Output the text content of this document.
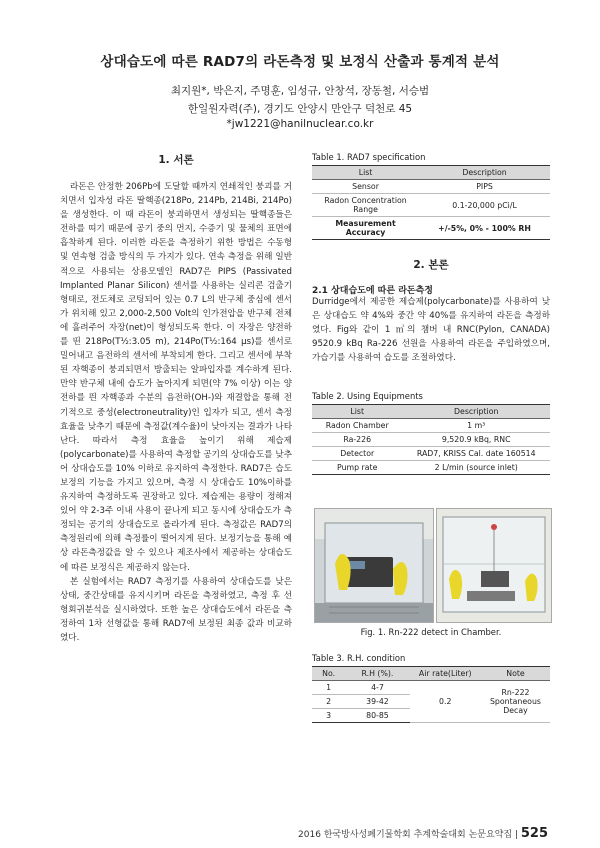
상대습도에 따른 RAD7의 라돈측정 및 보정식 산출과 통계적 분석
최지원*, 박은지, 주명훈, 임성규, 안창석, 장동철, 서승범
한일원자력(주), 경기도 안양시 만안구 덕천로 45
*jw1221@hanilnuclear.co.kr
1. 서론

라돈은 안정한 206Pb에 도달할 때까지 연쇄적인 붕괴를 거치면서 입자성 라돈 딸핵종(218Po, 214Pb, 214Bi, 214Po)을 생성한다. 이 때 라돈이 붕괴하면서 생성되는 딸핵종들은 전하를 띠기 때문에 공기 중의 먼지, 수증기 및 물체의 표면에 흡착하게 된다. 이러한 라돈을 측정하기 위한 방법은 수동형 및 연속형 검출 방식의 두 가지가 있다. 연속 측정을 위해 일반적으로 사용되는 상용모델인 RAD7은 PIPS (Passivated Implanted Planar Silicon) 센서를 사용하는 실리콘 검출기 형태로, 전도체로 코팅되어 있는 0.7 L의 반구체 중심에 센서가 위치해 있고 2,000-2,500 Volt의 인가전압을 반구체 전체에 흘려주어 자장(net)이 형성되도록 한다. 이 자장은 양전하를 띤 218Po(T½:3.05 m), 214Po(T½:164 μs)를 센서로 밀어내고 음전하의 센서에 부착되게 한다. 그리고 센서에 부착된 자핵종이 붕괴되면서 방출되는 알파입자를 계수하게 된다. 만약 반구체 내에 습도가 높아지게 되면(약 7% 이상) 이는 양전하를 띈 자핵종과 수분의 음전하(OH-)와 재결합을 통해 전기적으로 중성(electroneutrality)인 입자가 되고, 센서 측정효율을 낮추기 때문에 측정값(계수율)이 낮아지는 결과가 나타난다. 따라서 측정 효율을 높이기 위해 제습제(polycarbonate)를 사용하여 측정할 공기의 상대습도를 낮추어 상대습도를 10% 이하로 유지하여 측정한다. RAD7은 습도보정의 기능을 가지고 있으며, 측정 시 상대습도 10%이하를 유지하여 측정하도록 권장하고 있다. 제습제는 용량이 정해져있어 약 2-3주 이내 사용이 끝나게 되고 동시에 상대습도가 측정되는 공기의 상대습도로 올라가게 된다. 측정값은 RAD7의 측정원리에 의해 측정률이 떨어지게 된다. 보정기능을 통해 예상 라돈측정값을 알 수 있으나 제조사에서 제공하는 상대습도에 따른 보정식은 제공하지 않는다.

본 실험에서는 RAD7 측정기를 사용하여 상대습도를 낮은상태, 중간상태를 유지시키며 라돈을 측정하였고, 측정 후 선형회귀분석을 실시하였다. 또한 높은 상대습도에서 라돈을 측정하여 1차 선형값을 통해 RAD7에 보정된 최종 값과 비교하였다.

Table 1. RAD7 specification
List	Description
Sensor	PIPS
Radon Concentration Range	0.1-20,000 pCi/L
Measurement Accuracy	+/-5%, 0% - 100% RH
2. 본론
2.1 상대습도에 따른 라돈측정
Durridge에서 제공한 제습제(polycarbonate)를 사용하여 낮은 상대습도 약 4%와 중간 약 40%를 유지하여 라돈을 측정하였다. Fig와 같이 1 ㎥의 챔버 내 RNC(Pylon, CANADA) 9520.9 kBq Ra-226 선원을 사용하여 라돈을 주입하였으며, 가습기를 사용하여 습도를 조절하였다.
Table 2. Using Equipments
List	Description
Radon Chamber	1 m³
Ra-226	9,520.9 kBq, RNC
Detector	RAD7, KRISS Cal. date 160514
Pump rate	2 L/min (source inlet)
Fig. 1. Rn-222 detect in Chamber.
Table 3. R.H. condition
No.	R.H (%).	Air rate(Liter)	Note
1	4-7	0.2	Rn-222 Spontaneous Decay
2	39-42		
3	80-85		
2016 한국방사성폐기물학회 추계학술대회 논문요약집 | 525
